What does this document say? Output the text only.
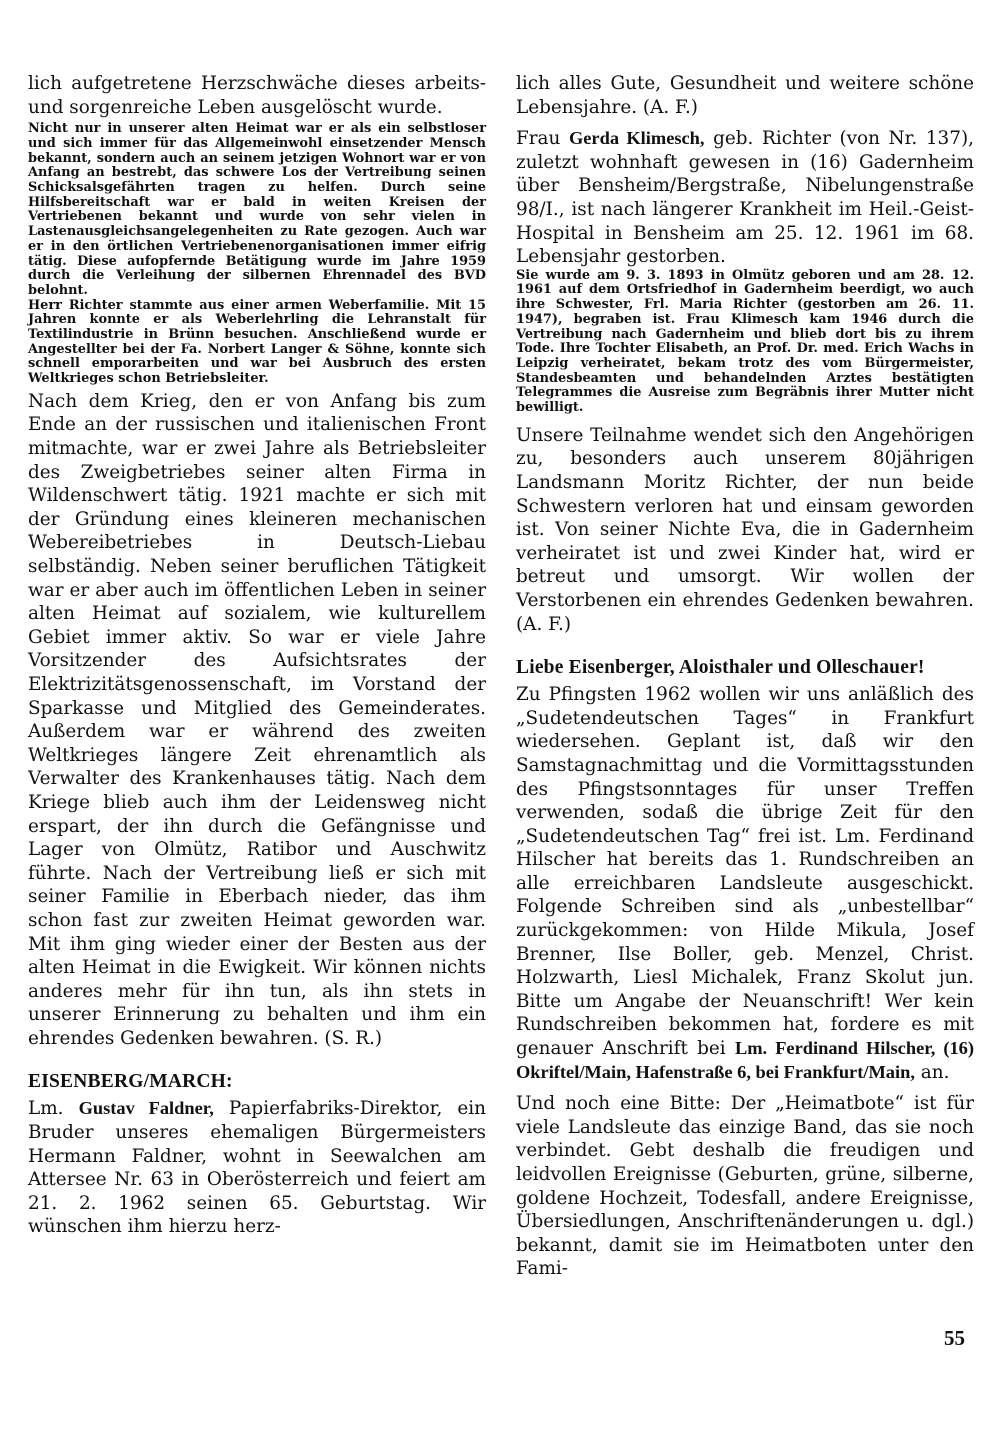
lich aufgetretene Herzschwäche dieses arbeits- und sorgenreiche Leben ausgelöscht wurde.

Nicht nur in unserer alten Heimat war er als ein selbstloser und sich immer für das Allgemeinwohl einsetzender Mensch bekannt, sondern auch an seinem jetzigen Wohnort war er von Anfang an bestrebt, das schwere Los der Vertreibung seinen Schicksalsgefährten tragen zu helfen. Durch seine Hilfsbereitschaft war er bald in weiten Kreisen der Vertriebenen bekannt und wurde von sehr vielen in Lastenausgleichsangelegenheiten zu Rate gezogen. Auch war er in den örtlichen Vertriebenenorganisationen immer eifrig tätig. Diese aufopfernde Betätigung wurde im Jahre 1959 durch die Verleihung der silbernen Ehrennadel des BVD belohnt.

Herr Richter stammte aus einer armen Weberfamilie. Mit 15 Jahren konnte er als Weberlehrling die Lehranstalt für Textilindustrie in Brünn besuchen. Anschließend wurde er Angestellter bei der Fa. Norbert Langer & Söhne, konnte sich schnell emporarbeiten und war bei Ausbruch des ersten Weltkrieges schon Betriebsleiter.

Nach dem Krieg, den er von Anfang bis zum Ende an der russischen und italienischen Front mitmachte, war er zwei Jahre als Betriebsleiter des Zweigbetriebes seiner alten Firma in Wildenschwert tätig. 1921 machte er sich mit der Gründung eines kleineren mechanischen Webereibetriebes in Deutsch-Liebau selbständig. Neben seiner beruflichen Tätigkeit war er aber auch im öffentlichen Leben in seiner alten Heimat auf sozialem, wie kulturellem Gebiet immer aktiv. So war er viele Jahre Vorsitzender des Aufsichtsrates der Elektrizitätsgenossenschaft, im Vorstand der Sparkasse und Mitglied des Gemeinderates. Außerdem war er während des zweiten Weltkrieges längere Zeit ehrenamtlich als Verwalter des Krankenhauses tätig. Nach dem Kriege blieb auch ihm der Leidensweg nicht erspart, der ihn durch die Gefängnisse und Lager von Olmütz, Ratibor und Auschwitz führte. Nach der Vertreibung ließ er sich mit seiner Familie in Eberbach nieder, das ihm schon fast zur zweiten Heimat geworden war. Mit ihm ging wieder einer der Besten aus der alten Heimat in die Ewigkeit. Wir können nichts anderes mehr für ihn tun, als ihn stets in unserer Erinnerung zu behalten und ihm ein ehrendes Gedenken bewahren. (S. R.)

EISENBERG/MARCH:

Lm. Gustav Faldner, Papierfabriks-Direktor, ein Bruder unseres ehemaligen Bürgermeisters Hermann Faldner, wohnt in Seewalchen am Attersee Nr. 63 in Oberösterreich und feiert am 21. 2. 1962 seinen 65. Geburtstag. Wir wünschen ihm hierzu herz-

lich alles Gute, Gesundheit und weitere schöne Lebensjahre. (A. F.)

Frau Gerda Klimesch, geb. Richter (von Nr. 137), zuletzt wohnhaft gewesen in (16) Gadernheim über Bensheim/Bergstraße, Nibelungenstraße 98/I., ist nach längerer Krankheit im Heil.-Geist-Hospital in Bensheim am 25. 12. 1961 im 68. Lebensjahr gestorben.

Sie wurde am 9. 3. 1893 in Olmütz geboren und am 28. 12. 1961 auf dem Ortsfriedhof in Gadernheim beerdigt, wo auch ihre Schwester, Frl. Maria Richter (gestorben am 26. 11. 1947), begraben ist. Frau Klimesch kam 1946 durch die Vertreibung nach Gadernheim und blieb dort bis zu ihrem Tode. Ihre Tochter Elisabeth, an Prof. Dr. med. Erich Wachs in Leipzig verheiratet, bekam trotz des vom Bürgermeister, Standesbeamten und behandelnden Arztes bestätigten Telegrammes die Ausreise zum Begräbnis ihrer Mutter nicht bewilligt.

Unsere Teilnahme wendet sich den Angehörigen zu, besonders auch unserem 80jährigen Landsmann Moritz Richter, der nun beide Schwestern verloren hat und einsam geworden ist. Von seiner Nichte Eva, die in Gadernheim verheiratet ist und zwei Kinder hat, wird er betreut und umsorgt. Wir wollen der Verstorbenen ein ehrendes Gedenken bewahren. (A. F.)

Liebe Eisenberger, Aloisthaler und Olleschauer!

Zu Pfingsten 1962 wollen wir uns anläßlich des „Sudetendeutschen Tages“ in Frankfurt wiedersehen. Geplant ist, daß wir den Samstagnachmittag und die Vormittagsstunden des Pfingstsonntages für unser Treffen verwenden, sodaß die übrige Zeit für den „Sudetendeutschen Tag“ frei ist. Lm. Ferdinand Hilscher hat bereits das 1. Rundschreiben an alle erreichbaren Landsleute ausgeschickt. Folgende Schreiben sind als „unbestellbar“ zurückgekommen: von Hilde Mikula, Josef Brenner, Ilse Boller, geb. Menzel, Christ. Holzwarth, Liesl Michalek, Franz Skolut jun. Bitte um Angabe der Neuanschrift! Wer kein Rundschreiben bekommen hat, fordere es mit genauer Anschrift bei Lm. Ferdinand Hilscher, (16) Okriftel/Main, Hafenstraße 6, bei Frankfurt/Main, an.

Und noch eine Bitte: Der „Heimatbote“ ist für viele Landsleute das einzige Band, das sie noch verbindet. Gebt deshalb die freudigen und leidvollen Ereignisse (Geburten, grüne, silberne, goldene Hochzeit, Todesfall, andere Ereignisse, Übersiedlungen, Anschriftenänderungen u. dgl.) bekannt, damit sie im Heimatboten unter den Fami-

55
